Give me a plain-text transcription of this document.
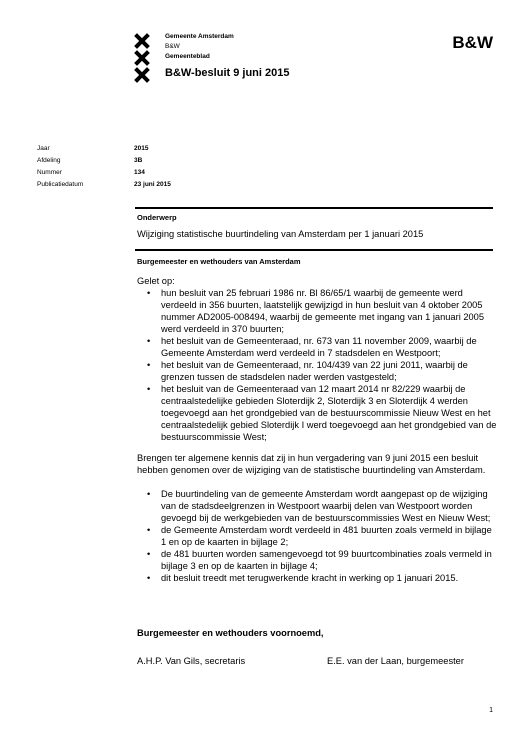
Gemeente Amsterdam
B&W
Gemeenteblad
B&W-besluit 9 juni 2015
B&W
Jaar	2015
Afdeling	3B
Nummer	134
Publicatiedatum	23 juni 2015
Onderwerp
Wijziging statistische buurtindeling van Amsterdam per 1 januari 2015
Burgemeester en wethouders van Amsterdam
Gelet op:
• hun besluit van 25 februari 1986 nr. Bl 86/65/1 waarbij de gemeente werd verdeeld in 356 buurten, laatstelijk gewijzigd in hun besluit van 4 oktober 2005 nummer AD2005-008494, waarbij de gemeente met ingang van 1 januari 2005 werd verdeeld in 370 buurten;
• het besluit van de Gemeenteraad, nr. 673 van 11 november 2009, waarbij de Gemeente Amsterdam werd verdeeld in 7 stadsdelen en Westpoort;
• het besluit van de Gemeenteraad, nr. 104/439 van 22 juni 2011, waarbij de grenzen tussen de stadsdelen nader werden vastgesteld;
• het besluit van de Gemeenteraad van 12 maart 2014 nr 82/229 waarbij de centraalstedelijke gebieden Sloterdijk 2, Sloterdijk 3 en Sloterdijk 4 werden toegevoegd aan het grondgebied van de bestuurscommissie Nieuw West en het centraalstedelijk gebied Sloterdijk I werd toegevoegd aan het grondgebied van de bestuurscommissie West;
Brengen ter algemene kennis dat zij in hun vergadering van 9 juni 2015 een besluit hebben genomen over de wijziging van de statistische buurtindeling van Amsterdam.
• De buurtindeling van de gemeente Amsterdam wordt aangepast op de wijziging van de stadsdeelgrenzen in Westpoort waarbij delen van Westpoort worden gevoegd bij de werkgebieden van de bestuurscommissies West en Nieuw West;
• de Gemeente Amsterdam wordt verdeeld in 481 buurten zoals vermeld in bijlage 1 en op de kaarten in bijlage 2;
• de 481 buurten worden samengevoegd tot 99 buurtcombinaties zoals vermeld in bijlage 3 en op de kaarten in bijlage 4;
• dit besluit treedt met terugwerkende kracht in werking op 1 januari 2015.
Burgemeester en wethouders voornoemd,
A.H.P. Van Gils, secretaris	E.E. van der Laan, burgemeester
1
